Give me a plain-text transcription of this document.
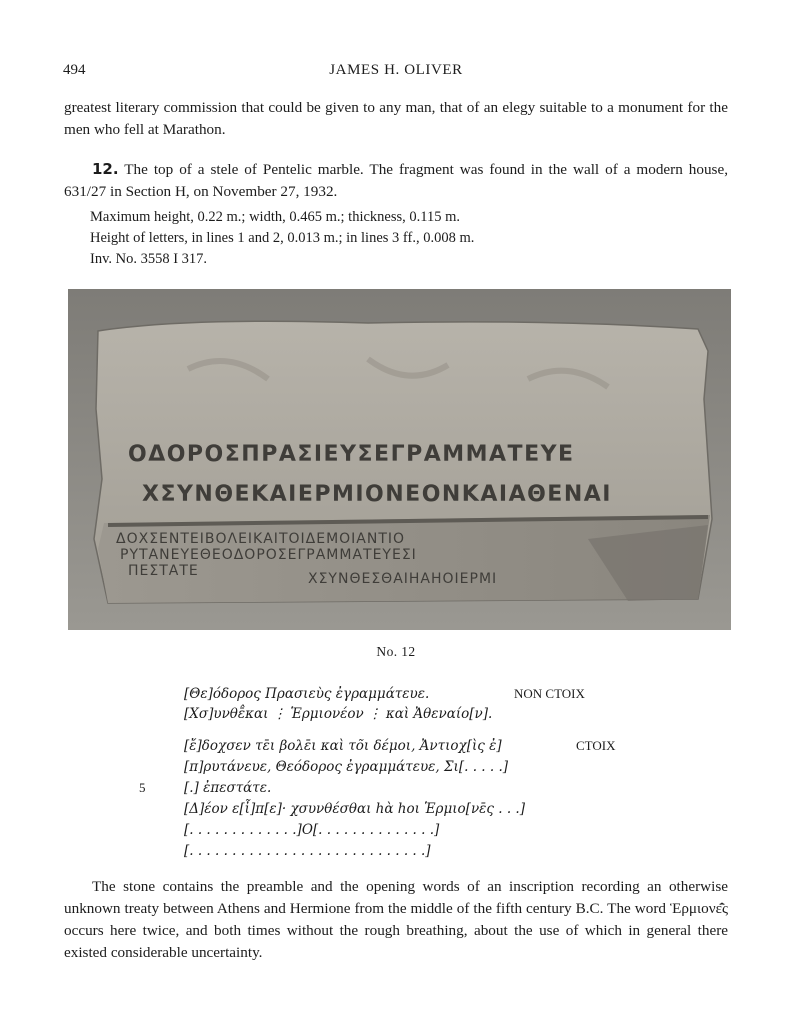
494	JAMES H. OLIVER
greatest literary commission that could be given to any man, that of an elegy suitable to a monument for the men who fell at Marathon.
12. The top of a stele of Pentelic marble. The fragment was found in the wall of a modern house, 631/27 in Section H, on November 27, 1932.
Maximum height, 0.22 m.; width, 0.465 m.; thickness, 0.115 m.
Height of letters, in lines 1 and 2, 0.013 m.; in lines 3 ff., 0.008 m.
Inv. No. 3558 I 317.
ΟΔΟΡΟΣΠΡΑΣΙΕΥΣΕΓΡΑΜΜΑΤΕΥΕ
ΧΣΥΝΘΕΚΑΙΕΡΜΙΟΝΕΟΝΚΑΙΑΘΕΝΑΙ
ΔΟΧΣΕΝΤΕΙΒΟΛΕΙΚΑΙΤΟΙΔΕΜΟΙΑΝΤΙΟ
ΡΥΤΑΝΕΥΕΘΕΟΔΟΡΟΣΕΓΡΑΜΜΑΤΕΥΕΣΙ
ΠΕΣΤΑΤΕ	ΧΣΥΝΘΕΣΘΑΙΗΑΗΟΙΕΡΜΙ
No. 12
[Θε]όδορος Πρασιεὺς ἐγραμμάτευε.
[Χσ]υνθε̄̂και ⋮ Ἑρμιονέον ⋮ καὶ Ἀθεναίο[ν].
NON CTOIX
[ἔ]δοχσεν τε̄ι βολε̄ι καὶ τõι δέμοι, Ἀντιοχ[ὶς ἐ]
[π]ρυτάνευε, Θεόδορος ἐγραμμάτευε, Σι[. . . . .]
[.] ἐπεστάτε.
[Δ]έον ε[ἶ]π[ε]· χσυνθέσθαι hὰ hοι Ἑρμιο[νε̄ς . . .]
[. . . . . . . . . . . . .]Ο[. . . . . . . . . . . . . .]
[. . . . . . . . . . . . . . . . . . . . . . . . . . . .]
CTOIX
5
The stone contains the preamble and the opening words of an inscription recording an otherwise unknown treaty between Athens and Hermione from the middle of the fifth century B.C. The word Ἑρμιονε̄̂ς occurs here twice, and both times without the rough breathing, about the use of which in general there existed considerable uncertainty.
